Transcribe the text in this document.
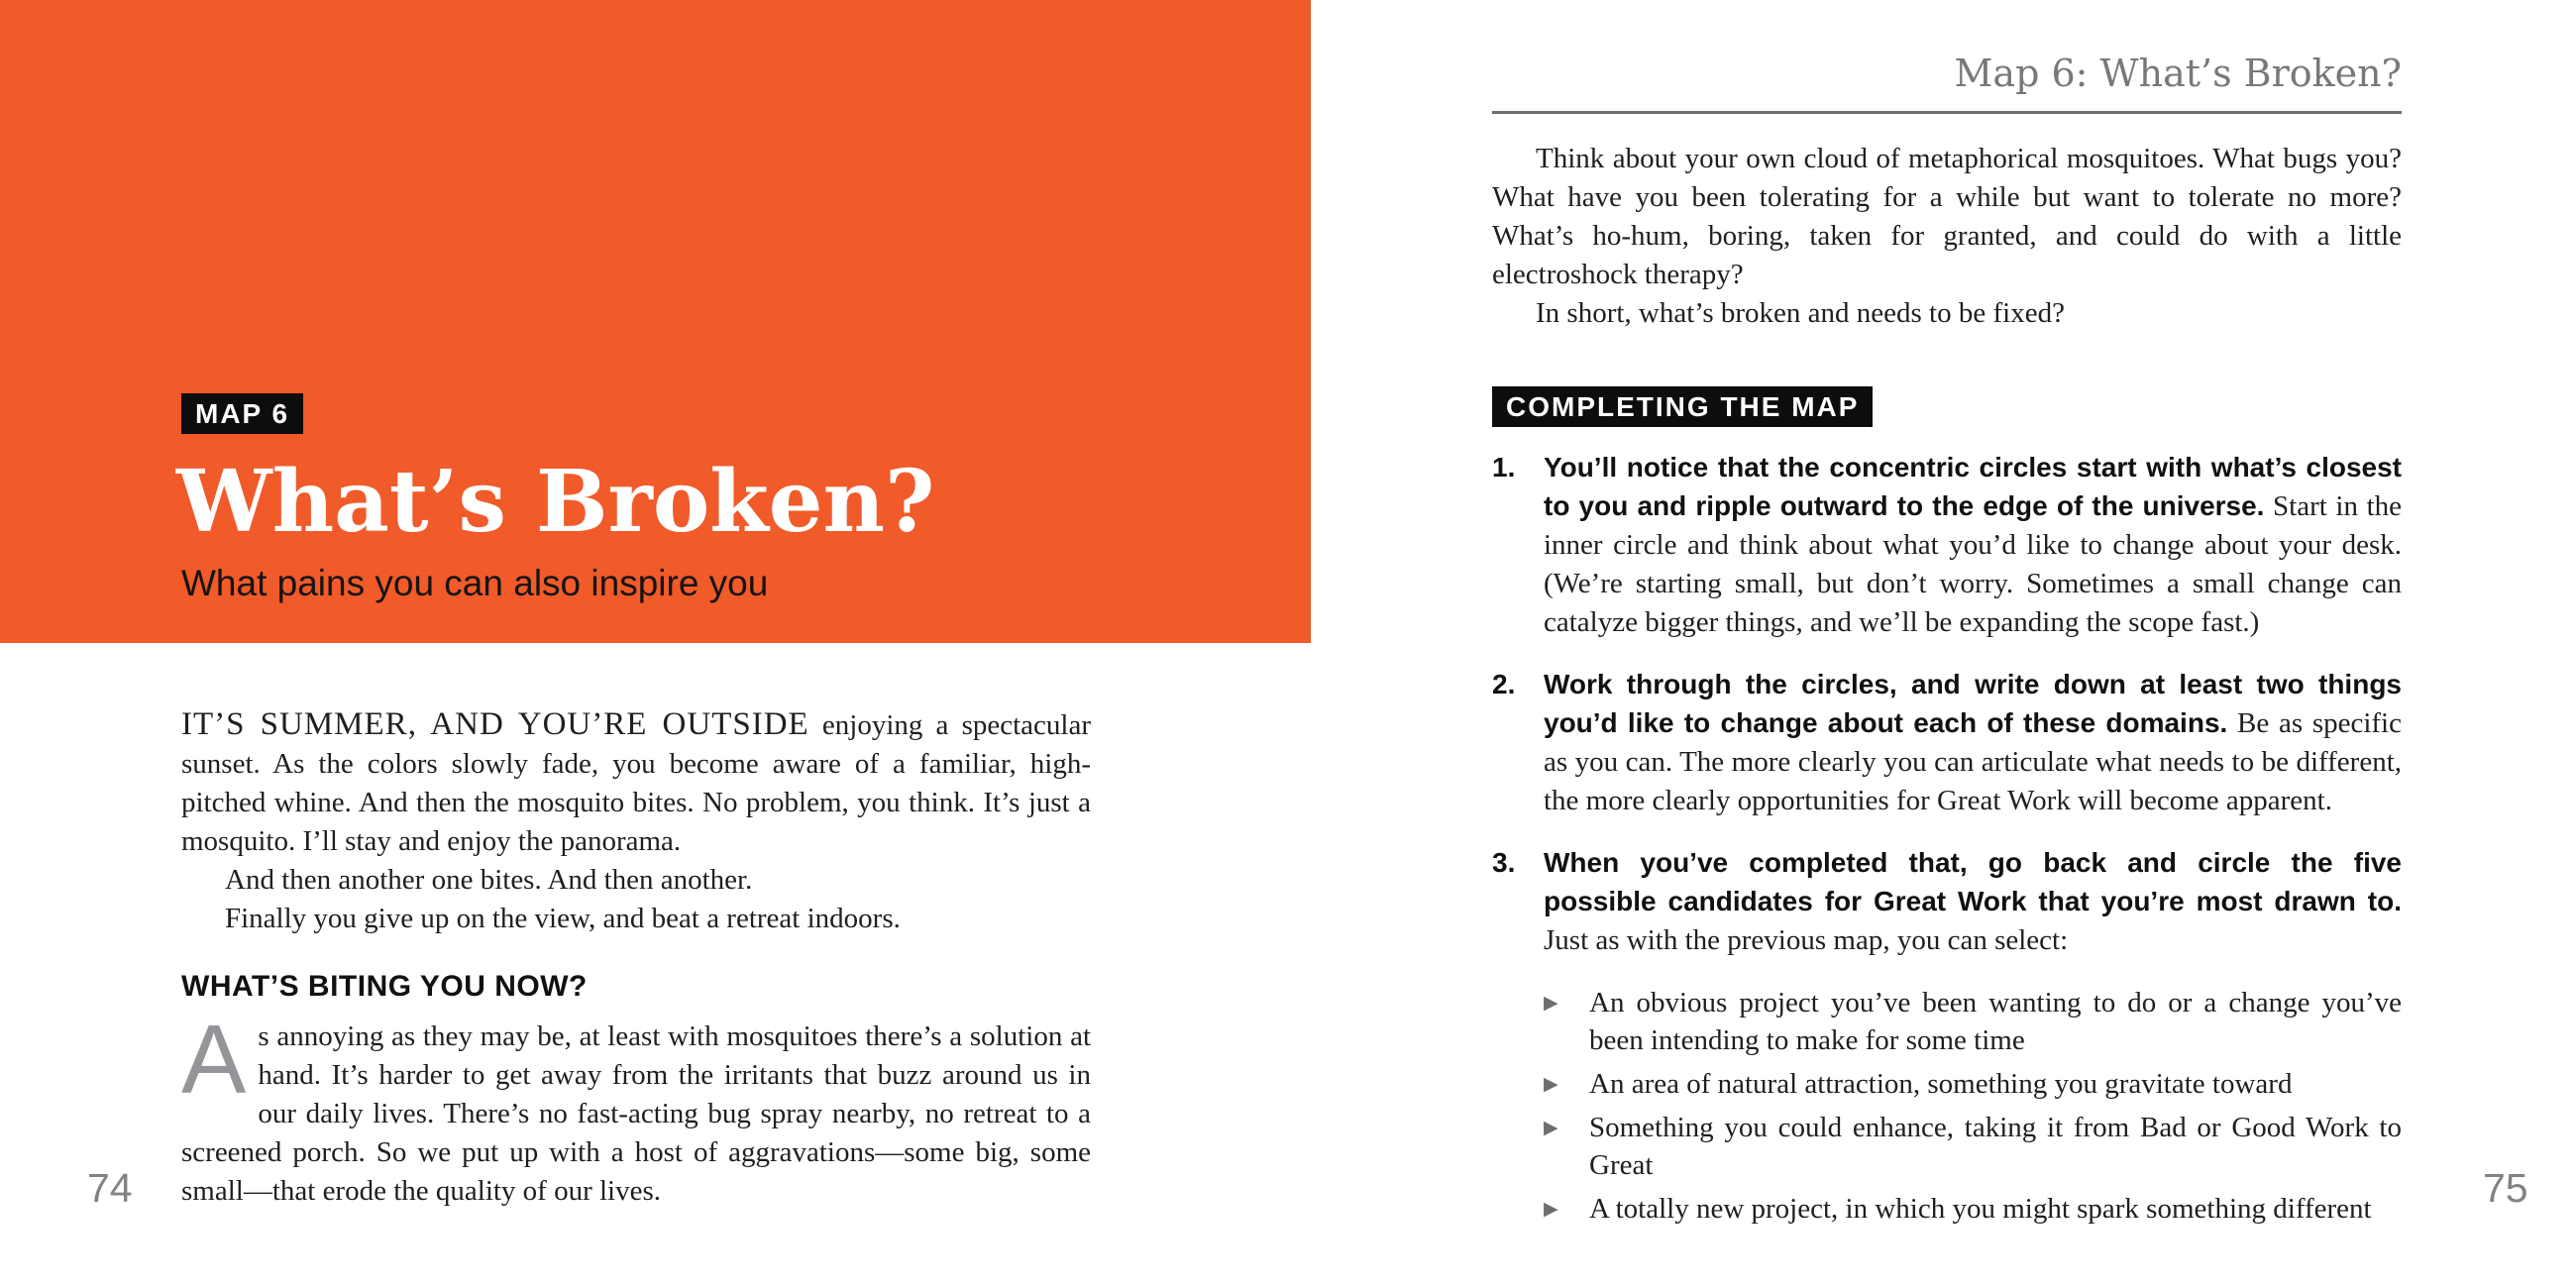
MAP 6
What’s Broken?

What pains you can also inspire you

IT’S SUMMER, AND YOU’RE OUTSIDE enjoying a spectacular sunset. As the colors slowly fade, you become aware of a familiar, high-pitched whine. And then the mosquito bites. No problem, you think. It’s just a mosquito. I’ll stay and enjoy the panorama.

And then another one bites. And then another.

Finally you give up on the view, and beat a retreat indoors.

WHAT’S BITING YOU NOW?

As annoying as they may be, at least with mosquitoes there’s a solution at hand. It’s harder to get away from the irritants that buzz around us in our daily lives. There’s no fast-acting bug spray nearby, no retreat to a screened porch. So we put up with a host of aggravations—some big, some small—that erode the quality of our lives.

74
Map 6: What’s Broken?

Think about your own cloud of metaphorical mosquitoes. What bugs you? What have you been tolerating for a while but want to tolerate no more? What’s ho-hum, boring, taken for granted, and could do with a little electroshock therapy?

In short, what’s broken and needs to be fixed?

COMPLETING THE MAP
1.	You’ll notice that the concentric circles start with what’s closest to you and ripple outward to the edge of the universe. Start in the inner circle and think about what you’d like to change about your desk. (We’re starting small, but don’t worry. Sometimes a small change can catalyze bigger things, and we’ll be expanding the scope fast.)
2.	Work through the circles, and write down at least two things you’d like to change about each of these domains. Be as specific as you can. The more clearly you can articulate what needs to be different, the more clearly opportunities for Great Work will become apparent.
3.	When you’ve completed that, go back and circle the five possible candidates for Great Work that you’re most drawn to. Just as with the previous map, you can select:
▶	An obvious project you’ve been wanting to do or a change you’ve been intending to make for some time
▶	An area of natural attraction, something you gravitate toward
▶	Something you could enhance, taking it from Bad or Good Work to Great
▶	A totally new project, in which you might spark something different	75
